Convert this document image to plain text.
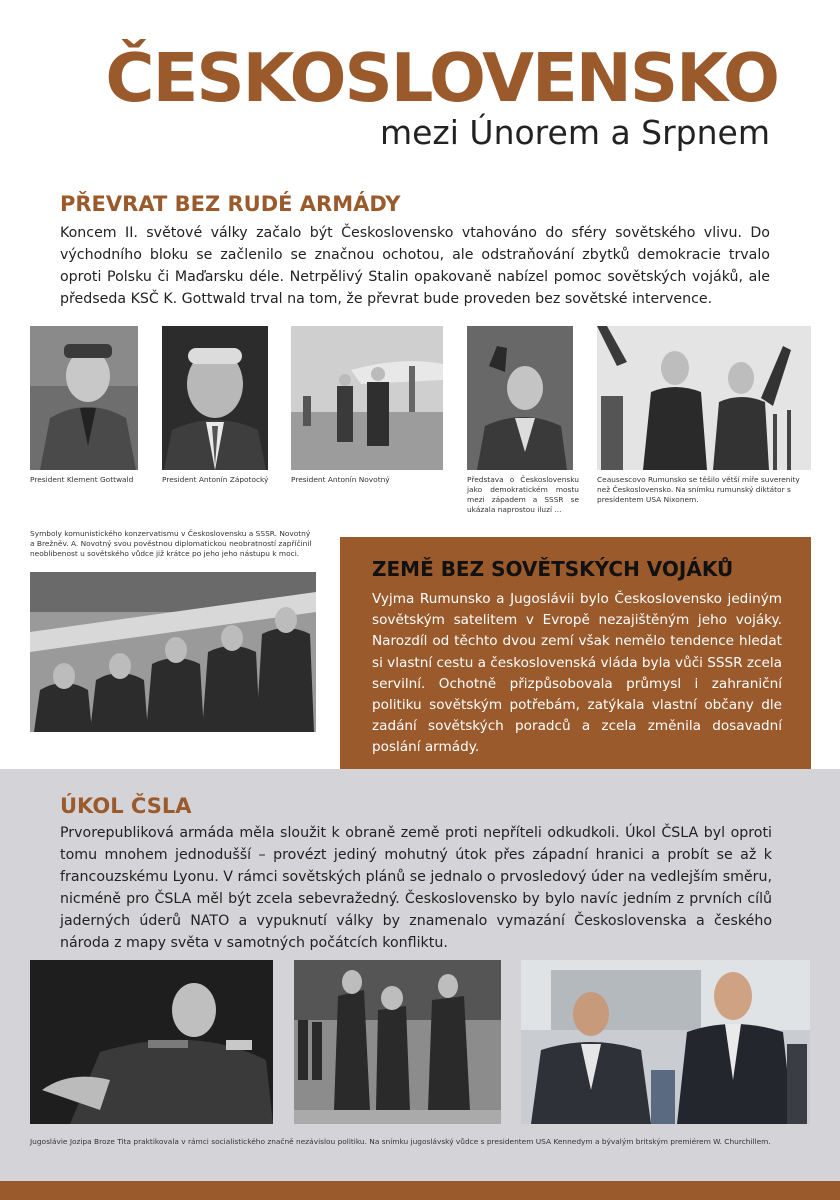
ČESKOSLOVENSKO
mezi Únorem a Srpnem
PŘEVRAT BEZ RUDÉ ARMÁDY
Koncem II. světové války začalo být Československo vtahováno do sféry sovětského vlivu. Do východního bloku se začlenilo se značnou ochotou, ale odstraňování zbytků demokracie trvalo oproti Polsku či Maďarsku déle. Netrpělivý Stalin opakovaně nabízel pomoc sovětských vojáků, ale předseda KSČ K. Gottwald trval na tom, že převrat bude proveden bez sovětské intervence.
President Klement Gottwald	President Antonín Zápotocký	President Antonín Novotný	Představa o Československu jako demokratickém mostu mezi západem a SSSR se ukázala naprostou iluzí ...
Ceausescovo Rumunsko se těšilo větší míře suverenity než Československo. Na snímku rumunský diktátor s presidentem USA Nixonem.
Symboly komunistického konzervatismu v Československu a SSSR. Novotný a Brežněv. A. Novotný svou pověstnou diplomatickou neobratností zapříčinil neoblibenost u sovětského vůdce již krátce po jeho jeho nástupu k moci.
ZEMĚ BEZ SOVĚTSKÝCH VOJÁKŮ
Vyjma Rumunsko a Jugoslávii bylo Československo jediným sovětským satelitem v Evropě nezajištěným jeho vojáky. Narozdíl od těchto dvou zemí však nemělo tendence hledat si vlastní cestu a československá vláda byla vůči SSSR zcela servilní. Ochotně přizpůsobovala průmysl i zahraniční politiku sovětským potřebám, zatýkala vlastní občany dle zadání sovětských poradců a zcela změnila dosavadní poslání armády.
ÚKOL ČSLA
Prvorepubliková armáda měla sloužit k obraně země proti nepříteli odkudkoli. Úkol ČSLA byl oproti tomu mnohem jednodušší – provézt jediný mohutný útok přes západní hranici a probít se až k francouzskému Lyonu. V rámci sovětských plánů se jednalo o prvosledový úder na vedlejším směru, nicméně pro ČSLA měl být zcela sebevražedný. Československo by bylo navíc jedním z prvních cílů jaderných úderů NATO a vypuknutí války by znamenalo vymazání Československa a českého národa z mapy světa v samotných počátcích konfliktu.
Jugoslávie Jozipa Broze Tita praktikovala v rámci socialistického značně nezávislou politiku. Na snímku jugoslávský vůdce s presidentem USA Kennedym a bývalým britským premiérem W. Churchillem.
